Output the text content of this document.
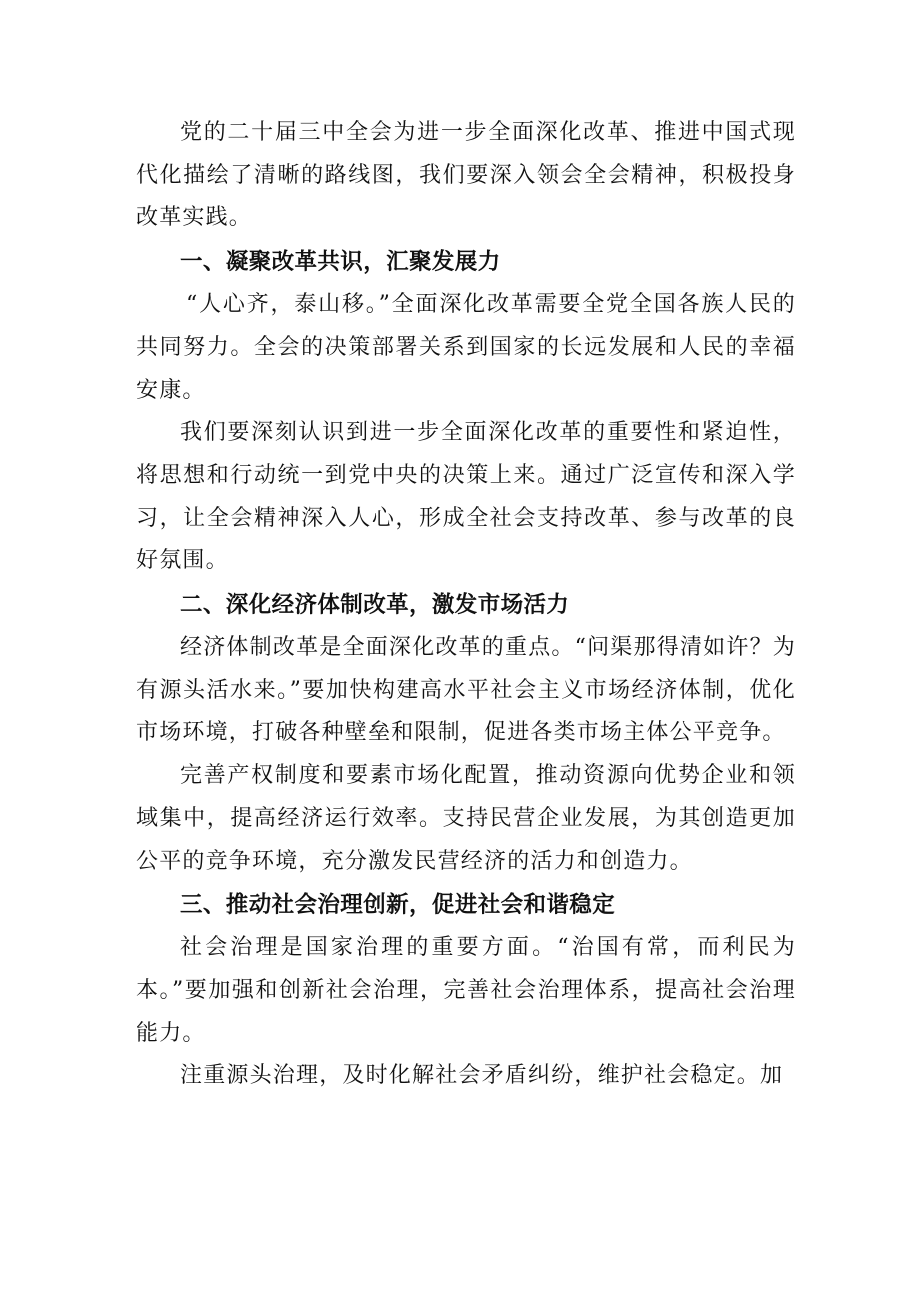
党的二十届三中全会为进一步全面深化改革、推进中国式现代化描绘了清晰的路线图，我们要深入领会全会精神，积极投身改革实践。

一、凝聚改革共识，汇聚发展力

“人心齐，泰山移。”全面深化改革需要全党全国各族人民的共同努力。全会的决策部署关系到国家的长远发展和人民的幸福安康。

我们要深刻认识到进一步全面深化改革的重要性和紧迫性，将思想和行动统一到党中央的决策上来。通过广泛宣传和深入学习，让全会精神深入人心，形成全社会支持改革、参与改革的良好氛围。

二、深化经济体制改革，激发市场活力

经济体制改革是全面深化改革的重点。“问渠那得清如许？为有源头活水来。”要加快构建高水平社会主义市场经济体制，优化市场环境，打破各种壁垒和限制，促进各类市场主体公平竞争。

完善产权制度和要素市场化配置，推动资源向优势企业和领域集中，提高经济运行效率。支持民营企业发展，为其创造更加公平的竞争环境，充分激发民营经济的活力和创造力。

三、推动社会治理创新，促进社会和谐稳定

社会治理是国家治理的重要方面。“治国有常，而利民为本。”要加强和创新社会治理，完善社会治理体系，提高社会治理能力。

注重源头治理，及时化解社会矛盾纠纷，维护社会稳定。加
